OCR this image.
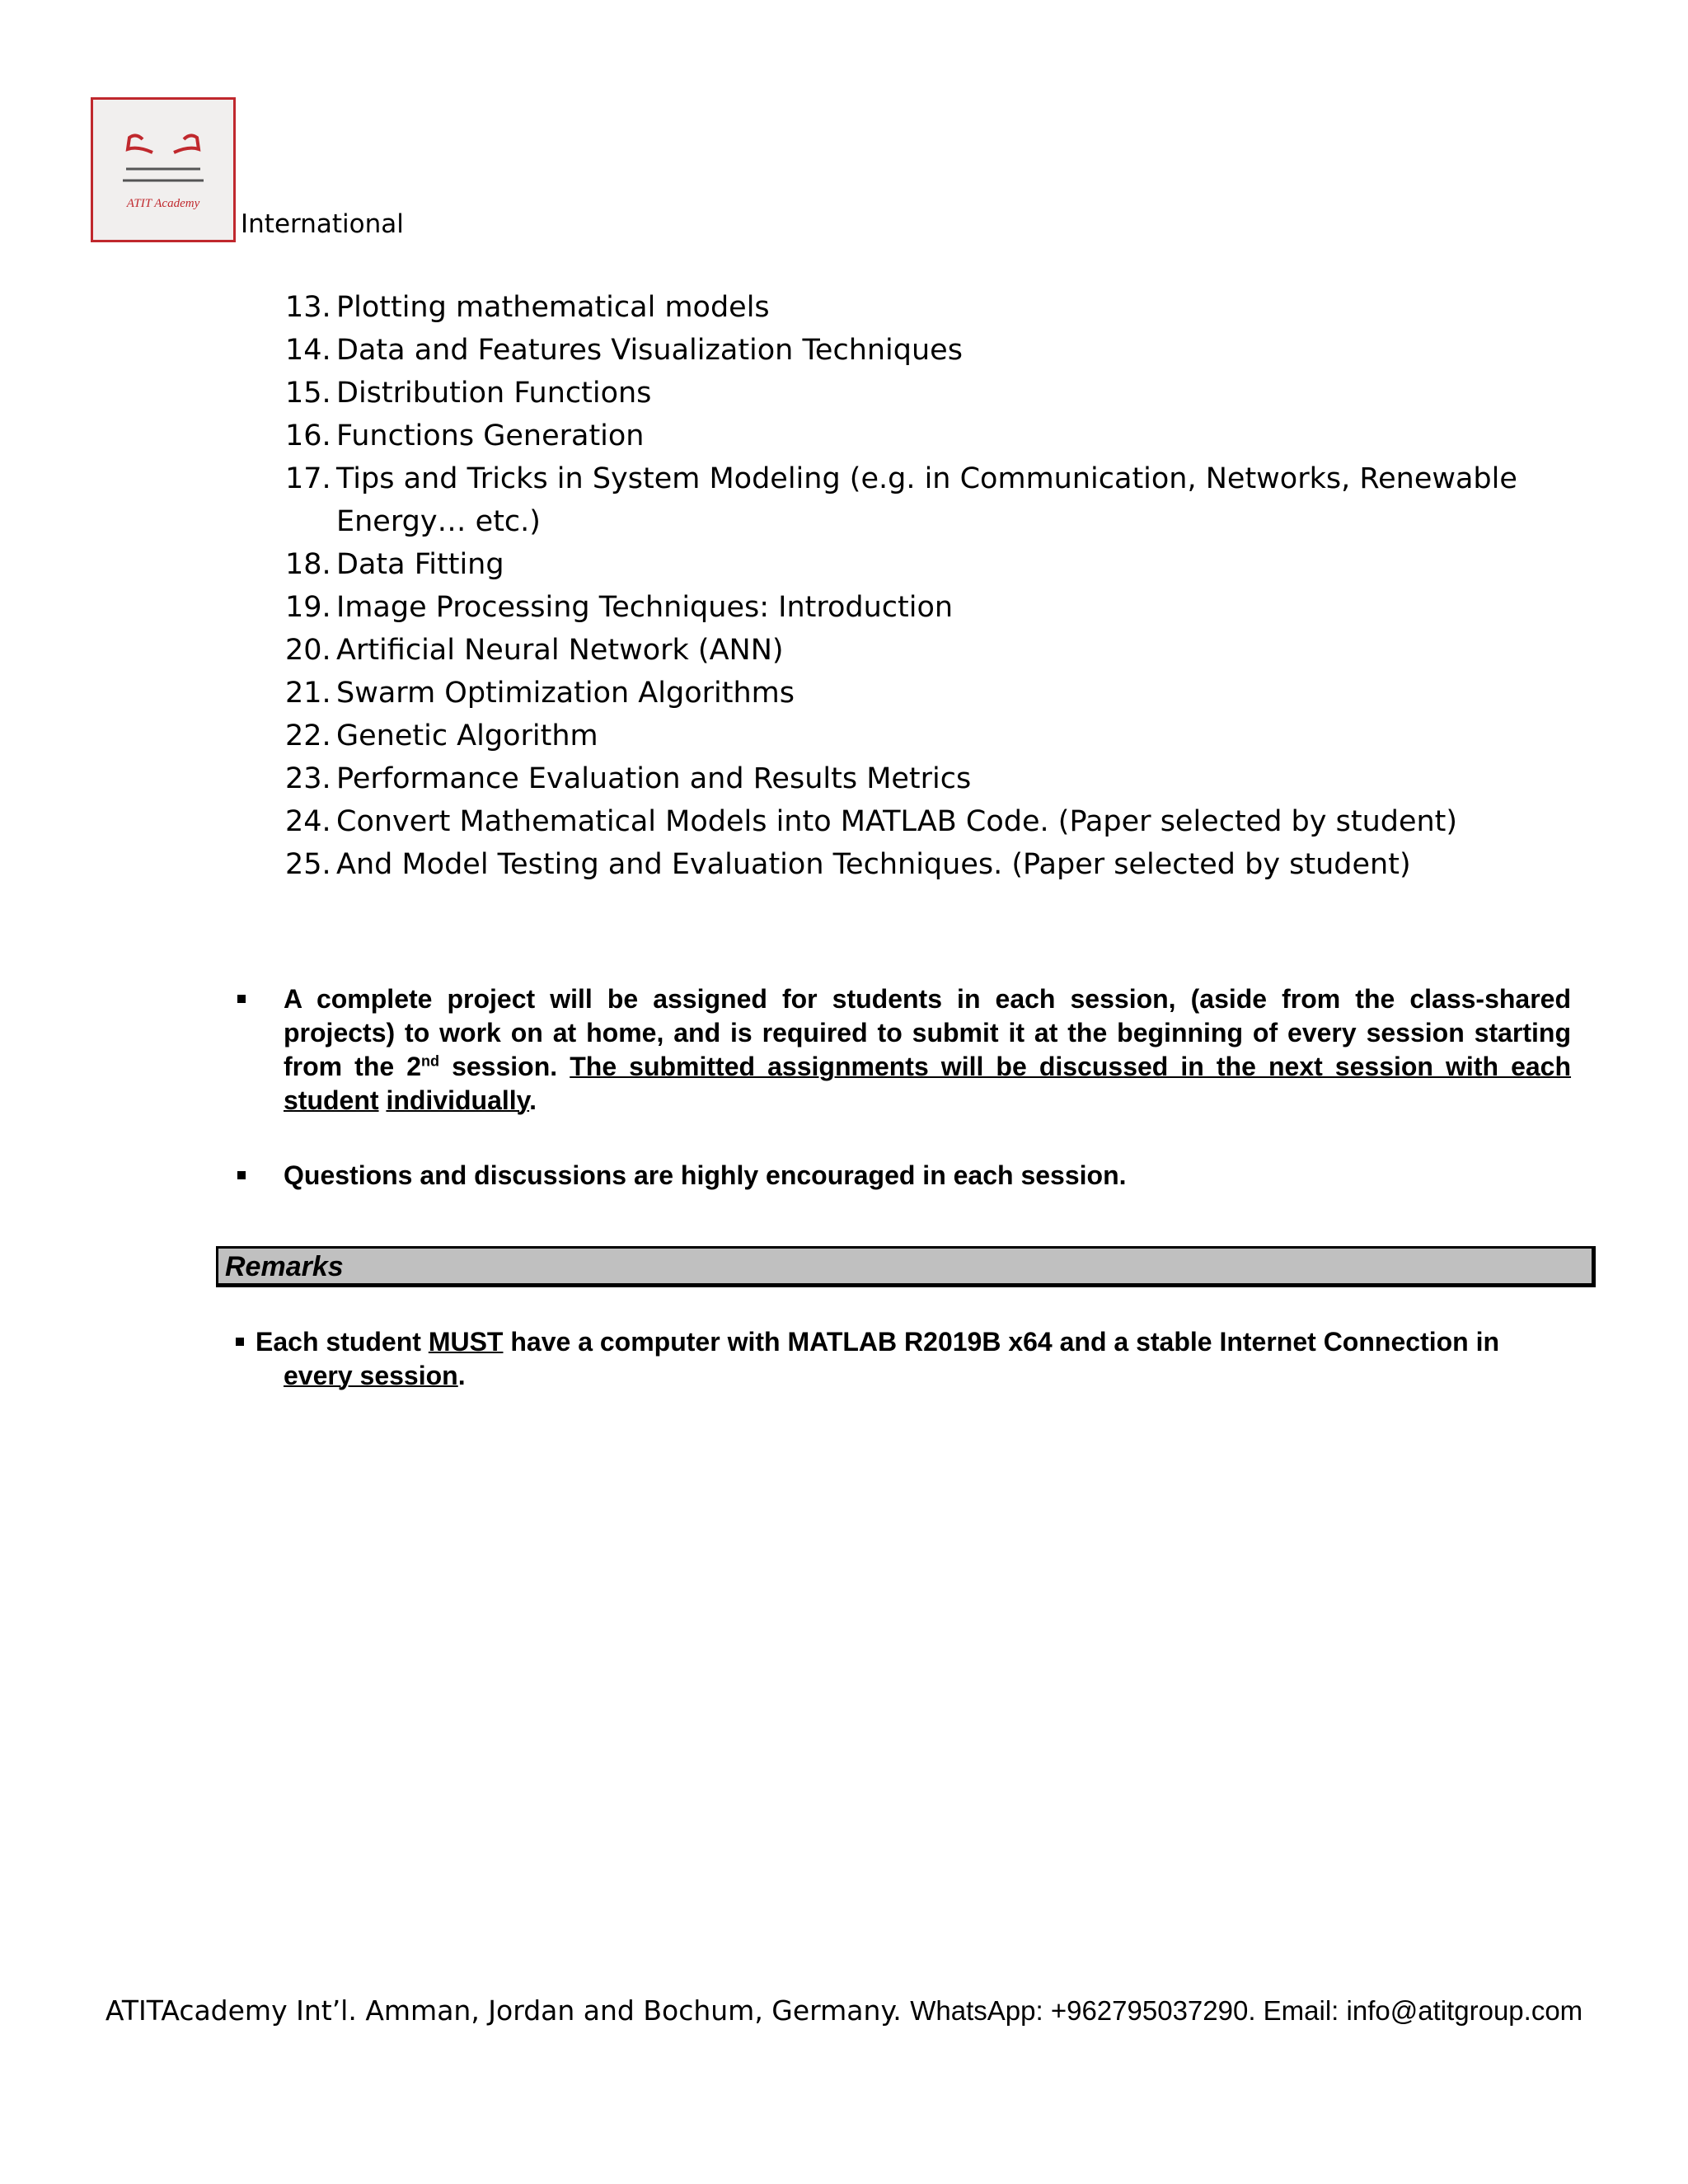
ATIT Academy
International
13. Plotting mathematical models
14. Data and Features Visualization Techniques
15. Distribution Functions
16. Functions Generation
17. Tips and Tricks in System Modeling (e.g. in Communication, Networks, Renewable Energy… etc.)
18. Data Fitting
19. Image Processing Techniques: Introduction
20. Artificial Neural Network (ANN)
21. Swarm Optimization Algorithms
22. Genetic Algorithm
23. Performance Evaluation and Results Metrics
24. Convert Mathematical Models into MATLAB Code. (Paper selected by student)
25. And Model Testing and Evaluation Techniques. (Paper selected by student)
A complete project will be assigned for students in each session, (aside from the class-shared projects) to work on at home, and is required to submit it at the beginning of every session starting from the 2nd session. The submitted assignments will be discussed in the next session with each student individually.
Questions and discussions are highly encouraged in each session.
Remarks
Each student MUST have a computer with MATLAB R2019B x64 and a stable Internet Connection in
every session.
ATITAcademy Int’l. Amman, Jordan and Bochum, Germany. WhatsApp: +962795037290. Email: info@atitgroup.com
